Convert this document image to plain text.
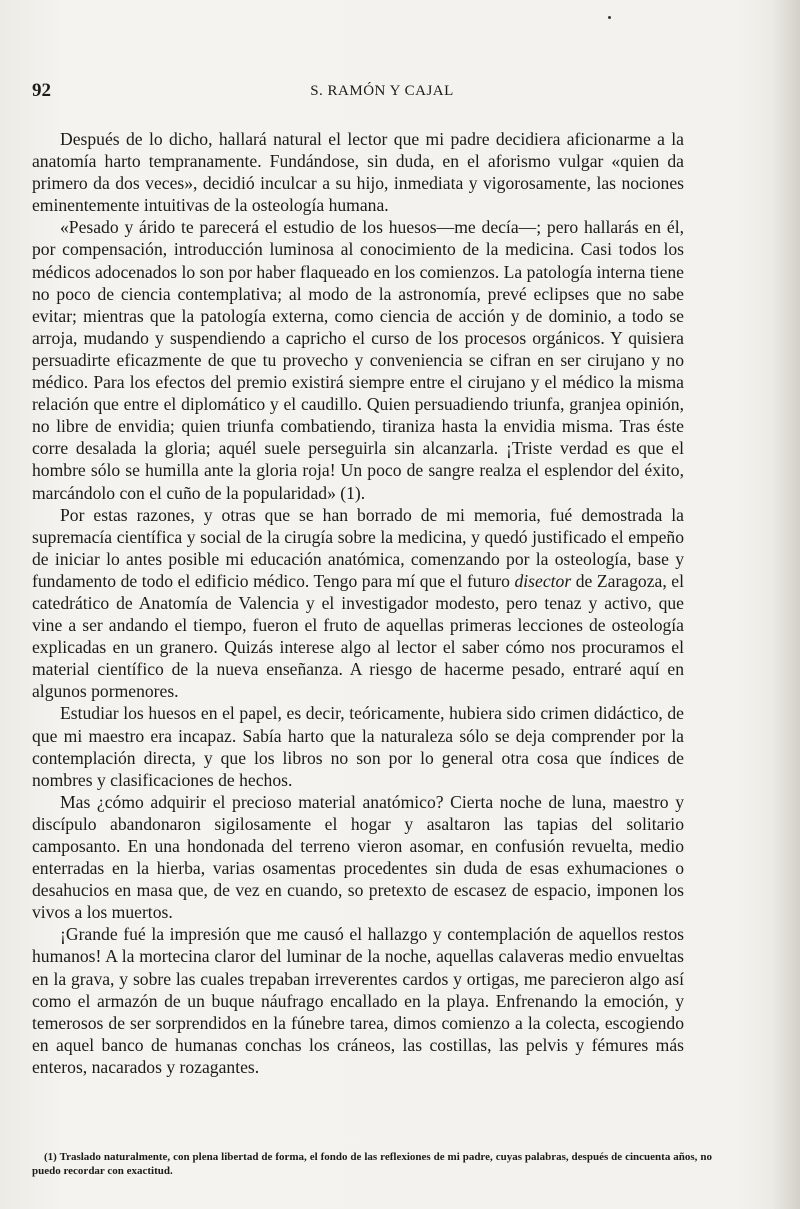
92	S. RAMÓN Y CAJAL

Después de lo dicho, hallará natural el lector que mi padre decidiera aficionarme a la anatomía harto tempranamente. Fundándose, sin duda, en el aforismo vulgar «quien da primero da dos veces», decidió inculcar a su hijo, inmediata y vigorosamente, las nociones eminentemente intuitivas de la osteología humana.

«Pesado y árido te parecerá el estudio de los huesos—me decía—; pero hallarás en él, por compensación, introducción luminosa al conocimiento de la medicina. Casi todos los médicos adocenados lo son por haber flaqueado en los comienzos. La patología interna tiene no poco de ciencia contemplativa; al modo de la astronomía, prevé eclipses que no sabe evitar; mientras que la patología externa, como ciencia de acción y de dominio, a todo se arroja, mudando y suspendiendo a capricho el curso de los procesos orgánicos. Y quisiera persuadirte eficazmente de que tu provecho y conveniencia se cifran en ser cirujano y no médico. Para los efectos del premio existirá siempre entre el cirujano y el médico la misma relación que entre el diplomático y el caudillo. Quien persuadiendo triunfa, granjea opinión, no libre de envidia; quien triunfa combatiendo, tiraniza hasta la envidia misma. Tras éste corre desalada la gloria; aquél suele perseguirla sin alcanzarla. ¡Triste verdad es que el hombre sólo se humilla ante la gloria roja! Un poco de sangre realza el esplendor del éxito, marcándolo con el cuño de la popularidad» (1).

Por estas razones, y otras que se han borrado de mi memoria, fué demostrada la supremacía científica y social de la cirugía sobre la medicina, y quedó justificado el empeño de iniciar lo antes posible mi educación anatómica, comenzando por la osteología, base y fundamento de todo el edificio médico. Tengo para mí que el futuro disector de Zaragoza, el catedrático de Anatomía de Valencia y el investigador modesto, pero tenaz y activo, que vine a ser andando el tiempo, fueron el fruto de aquellas primeras lecciones de osteología explicadas en un granero. Quizás interese algo al lector el saber cómo nos procuramos el material científico de la nueva enseñanza. A riesgo de hacerme pesado, entraré aquí en algunos pormenores.

Estudiar los huesos en el papel, es decir, teóricamente, hubiera sido crimen didáctico, de que mi maestro era incapaz. Sabía harto que la naturaleza sólo se deja comprender por la contemplación directa, y que los libros no son por lo general otra cosa que índices de nombres y clasificaciones de hechos.

Mas ¿cómo adquirir el precioso material anatómico? Cierta noche de luna, maestro y discípulo abandonaron sigilosamente el hogar y asaltaron las tapias del solitario camposanto. En una hondonada del terreno vieron asomar, en confusión revuelta, medio enterradas en la hierba, varias osamentas procedentes sin duda de esas exhumaciones o desahucios en masa que, de vez en cuando, so pretexto de escasez de espacio, imponen los vivos a los muertos.

¡Grande fué la impresión que me causó el hallazgo y contemplación de aquellos restos humanos! A la mortecina claror del luminar de la noche, aquellas calaveras medio envueltas en la grava, y sobre las cuales trepaban irreverentes cardos y ortigas, me parecieron algo así como el armazón de un buque náufrago encallado en la playa. Enfrenando la emoción, y temerosos de ser sorprendidos en la fúnebre tarea, dimos comienzo a la colecta, escogiendo en aquel banco de humanas conchas los cráneos, las costillas, las pelvis y fémures más enteros, nacarados y rozagantes.

(1) Traslado naturalmente, con plena libertad de forma, el fondo de las reflexiones de mi padre, cuyas palabras, después de cincuenta años, no puedo recordar con exactitud.
